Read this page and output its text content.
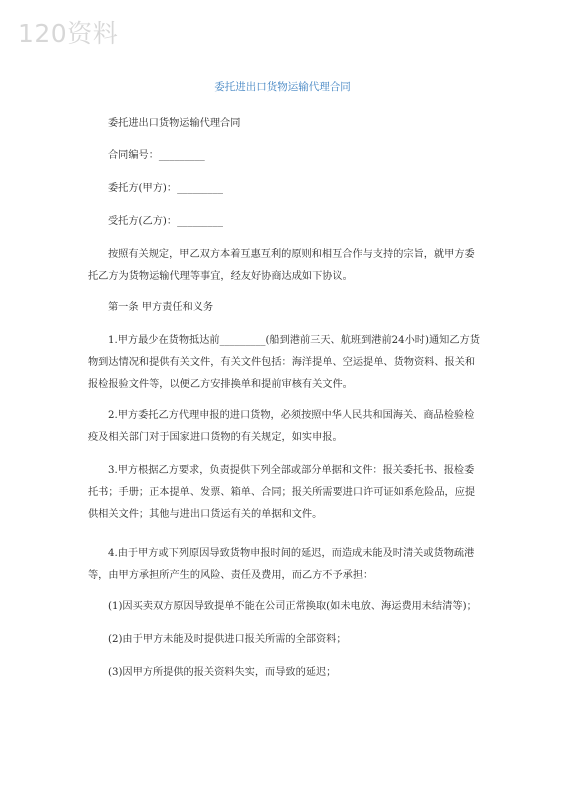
120资料
委托进出口货物运输代理合同

委托进出口货物运输代理合同

合同编号：_________

委托方(甲方)：_________

受托方(乙方)：_________

按照有关规定，甲乙双方本着互惠互利的原则和相互合作与支持的宗旨，就甲方委托乙方为货物运输代理等事宜，经友好协商达成如下协议。

第一条 甲方责任和义务

1.甲方最少在货物抵达前_________(船到港前三天、航班到港前24小时)通知乙方货物到达情况和提供有关文件，有关文件包括：海洋提单、空运提单、货物资料、报关和报检报验文件等，以便乙方安排换单和提前审核有关文件。

2.甲方委托乙方代理申报的进口货物，必须按照中华人民共和国海关、商品检验检疫及相关部门对于国家进口货物的有关规定，如实申报。

3.甲方根据乙方要求，负责提供下列全部或部分单据和文件：报关委托书、报检委托书；手册；正本提单、发票、箱单、合同；报关所需要进口许可证如系危险品，应提供相关文件；其他与进出口货运有关的单据和文件。

4.由于甲方或下列原因导致货物申报时间的延迟，而造成未能及时清关或货物疏港等，由甲方承担所产生的风险、责任及费用，而乙方不予承担：

(1)因买卖双方原因导致提单不能在公司正常换取(如未电放、海运费用未结清等)；

(2)由于甲方未能及时提供进口报关所需的全部资料；

(3)因甲方所提供的报关资料失实，而导致的延迟；
